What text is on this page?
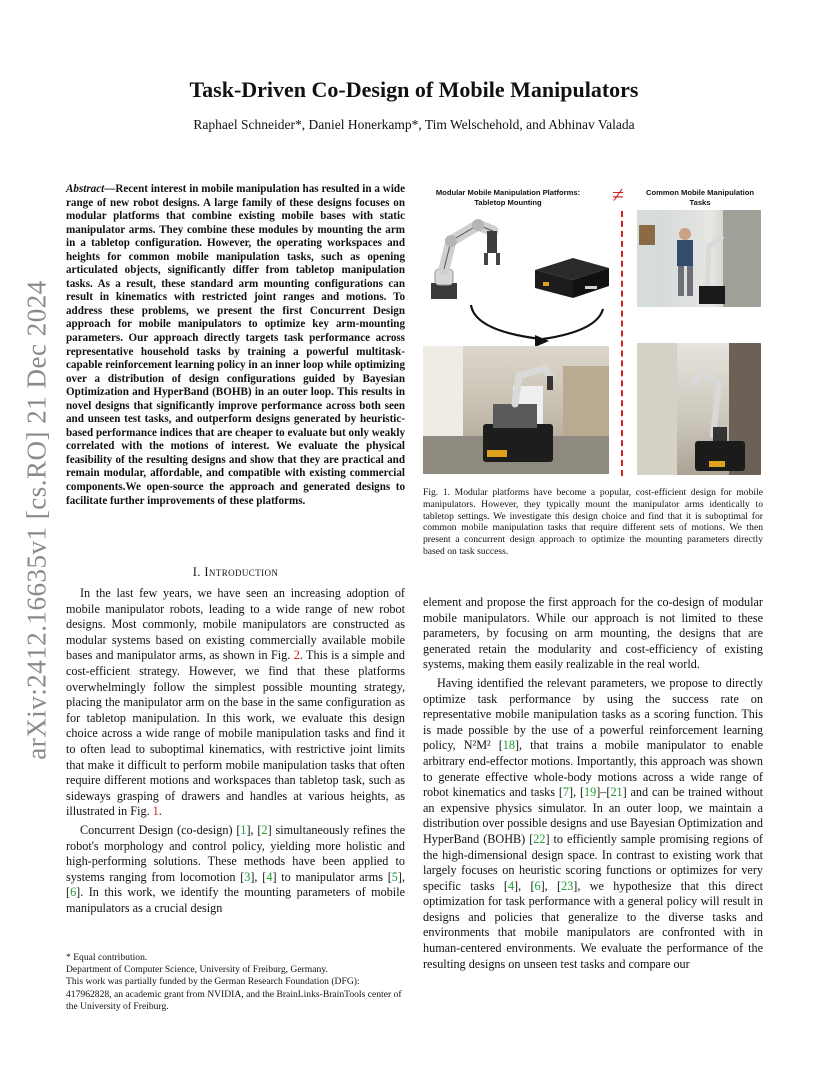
arXiv:2412.16635v1 [cs.RO] 21 Dec 2024
Task-Driven Co-Design of Mobile Manipulators
Raphael Schneider*, Daniel Honerkamp*, Tim Welschehold, and Abhinav Valada
Abstract—Recent interest in mobile manipulation has resulted in a wide range of new robot designs. A large family of these designs focuses on modular platforms that combine existing mobile bases with static manipulator arms. They combine these modules by mounting the arm in a tabletop configuration. However, the operating workspaces and heights for common mobile manipulation tasks, such as opening articulated objects, significantly differ from tabletop manipulation tasks. As a result, these standard arm mounting configurations can result in kinematics with restricted joint ranges and motions. To address these problems, we present the first Concurrent Design approach for mobile manipulators to optimize key arm-mounting parameters. Our approach directly targets task performance across representative household tasks by training a powerful multitask-capable reinforcement learning policy in an inner loop while optimizing over a distribution of design configurations guided by Bayesian Optimization and HyperBand (BOHB) in an outer loop. This results in novel designs that significantly improve performance across both seen and unseen test tasks, and outperform designs generated by heuristic-based performance indices that are cheaper to evaluate but only weakly correlated with the motions of interest. We evaluate the physical feasibility of the resulting designs and show that they are practical and remain modular, affordable, and compatible with existing commercial components.We open-source the approach and generated designs to facilitate further improvements of these platforms.
I. Introduction

In the last few years, we have seen an increasing adoption of mobile manipulator robots, leading to a wide range of new robot designs. Most commonly, mobile manipulators are constructed as modular systems based on existing commercially available mobile bases and manipulator arms, as shown in Fig. 2. This is a simple and cost-efficient strategy. However, we find that these platforms overwhelmingly follow the simplest possible mounting strategy, placing the manipulator arm on the base in the same configuration as for tabletop manipulation. In this work, we evaluate this design choice across a wide range of mobile manipulation tasks and find it to often lead to suboptimal kinematics, with restrictive joint limits that make it difficult to perform mobile manipulation tasks that often require different motions and workspaces than tabletop task, such as sideways grasping of drawers and handles at various heights, as illustrated in Fig. 1.

Concurrent Design (co-design) [1], [2] simultaneously refines the robot's morphology and control policy, yielding more holistic and high-performing solutions. These methods have been applied to systems ranging from locomotion [3], [4] to manipulator arms [5], [6]. In this work, we identify the mounting parameters of mobile manipulators as a crucial design

* Equal contribution.
Department of Computer Science, University of Freiburg, Germany.
This work was partially funded by the German Research Foundation (DFG): 417962828, an academic grant from NVIDIA, and the BrainLinks-BrainTools center of the University of Freiburg.
Modular Mobile Manipulation Platforms: Tabletop Mounting
Common Mobile Manipulation Tasks
≠
Fig. 1. Modular platforms have become a popular, cost-efficient design for mobile manipulators. However, they typically mount the manipulator arms identically to tabletop settings. We investigate this design choice and find that it is suboptimal for common mobile manipulation tasks that require different sets of motions. We then present a concurrent design approach to optimize the mounting parameters directly based on task success.

element and propose the first approach for the co-design of modular mobile manipulators. While our approach is not limited to these parameters, by focusing on arm mounting, the designs that are generated retain the modularity and cost-efficiency of existing systems, making them easily realizable in the real world.

Having identified the relevant parameters, we propose to directly optimize task performance by using the success rate on representative mobile manipulation tasks as a scoring function. This is made possible by the use of a powerful reinforcement learning policy, N²M² [18], that trains a mobile manipulator to enable arbitrary end-effector motions. Importantly, this approach was shown to generate effective whole-body motions across a wide range of robot kinematics and tasks [7], [19]–[21] and can be trained without an expensive physics simulator. In an outer loop, we maintain a distribution over possible designs and use Bayesian Optimization and HyperBand (BOHB) [22] to efficiently sample promising regions of the high-dimensional design space. In contrast to existing work that largely focuses on heuristic scoring functions or optimizes for very specific tasks [4], [6], [23], we hypothesize that this direct optimization for task performance with a general policy will result in designs and policies that generalize to the diverse tasks and environments that mobile manipulators are confronted with in human-centered environments. We evaluate the performance of the resulting designs on unseen test tasks and compare our
